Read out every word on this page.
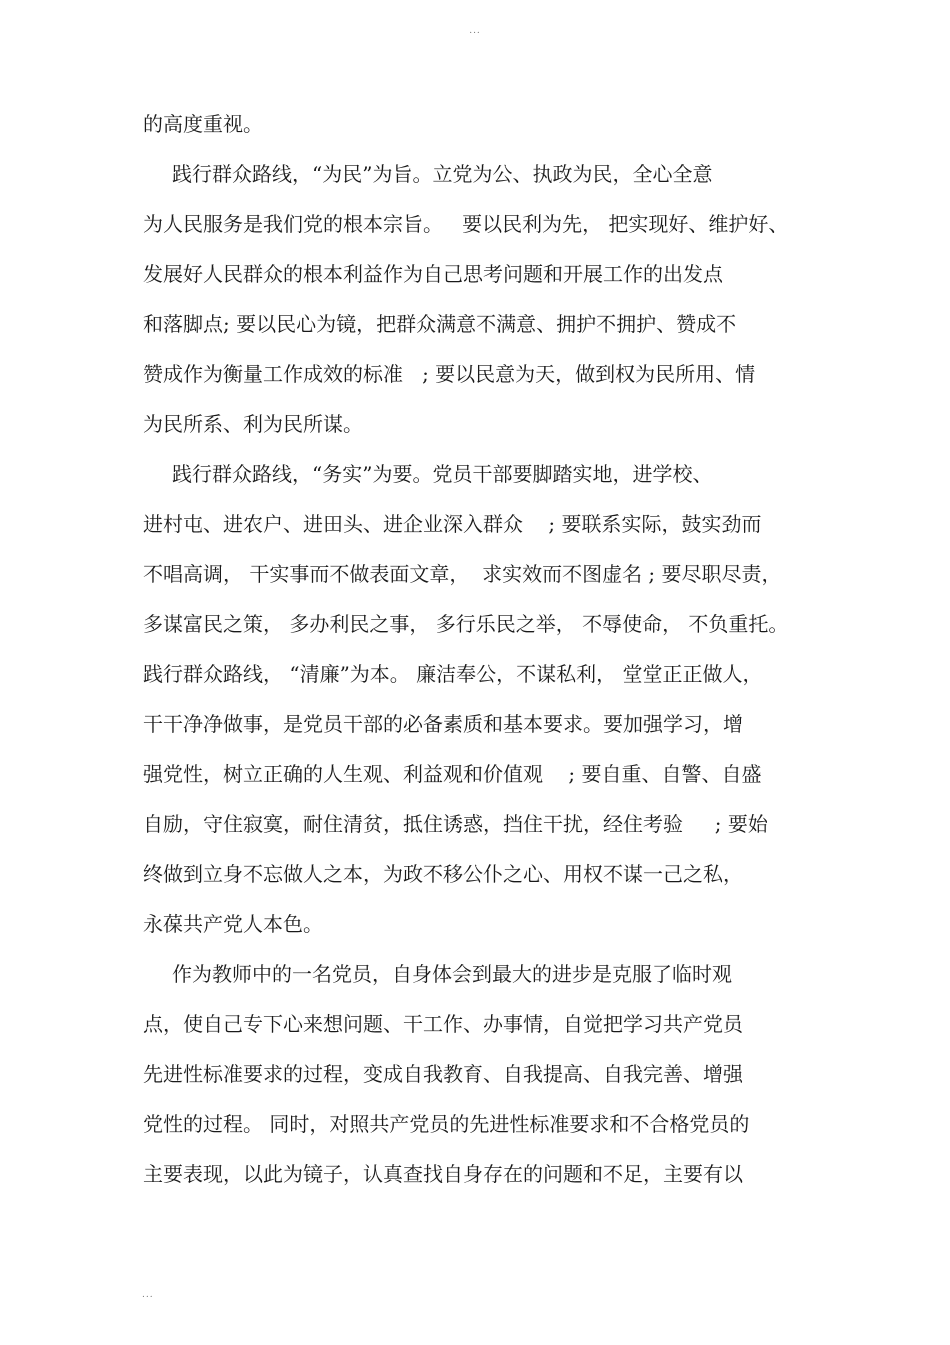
...
的高度重视。
践行群众路线，“为民”为旨。立党为公、执政为民，全心全意
为人民服务是我们党的根本宗旨。   要以民利为先， 把实现好、维护好、
发展好人民群众的根本利益作为自己思考问题和开展工作的出发点
和落脚点; 要以民心为镜，把群众满意不满意、拥护不拥护、赞成不
赞成作为衡量工作成效的标准   ; 要以民意为天，做到权为民所用、情
为民所系、利为民所谋。
践行群众路线，“务实”为要。党员干部要脚踏实地，进学校、
进村屯、进农户、进田头、进企业深入群众    ; 要联系实际，鼓实劲而
不唱高调， 干实事而不做表面文章，  求实效而不图虚名 ; 要尽职尽责，
多谋富民之策， 多办利民之事， 多行乐民之举， 不辱使命， 不负重托。
践行群众路线， “清廉”为本。 廉洁奉公，不谋私利， 堂堂正正做人，
干干净净做事，是党员干部的必备素质和基本要求。要加强学习，增
强党性，树立正确的人生观、利益观和价值观    ; 要自重、自警、自盛
自励，守住寂寞，耐住清贫，抵住诱惑，挡住干扰，经住考验     ; 要始
终做到立身不忘做人之本，为政不移公仆之心、用权不谋一己之私，
永葆共产党人本色。
作为教师中的一名党员，自身体会到最大的进步是克服了临时观
点，使自己专下心来想问题、干工作、办事情，自觉把学习共产党员
先进性标准要求的过程，变成自我教育、自我提高、自我完善、增强
党性的过程。 同时，对照共产党员的先进性标准要求和不合格党员的
主要表现，以此为镜子，认真查找自身存在的问题和不足，主要有以
...
